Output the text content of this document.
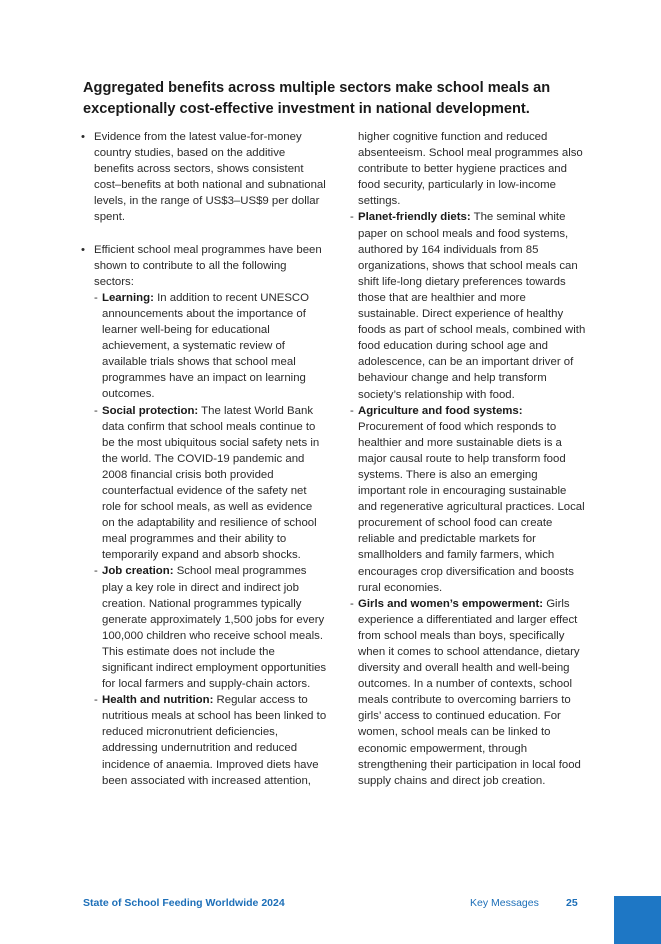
Aggregated benefits across multiple sectors make school meals an exceptionally cost-effective investment in national development.
• Evidence from the latest value-for-money country studies, based on the additive benefits across sectors, shows consistent cost–benefits at both national and subnational levels, in the range of US$3–US$9 per dollar spent.
• Efficient school meal programmes have been shown to contribute to all the following sectors:
- Learning: In addition to recent UNESCO announcements about the importance of learner well-being for educational achievement, a systematic review of available trials shows that school meal programmes have an impact on learning outcomes.
- Social protection: The latest World Bank data confirm that school meals continue to be the most ubiquitous social safety nets in the world. The COVID-19 pandemic and 2008 financial crisis both provided counterfactual evidence of the safety net role for school meals, as well as evidence on the adaptability and resilience of school meal programmes and their ability to temporarily expand and absorb shocks.
- Job creation: School meal programmes play a key role in direct and indirect job creation. National programmes typically generate approximately 1,500 jobs for every 100,000 children who receive school meals. This estimate does not include the significant indirect employment opportunities for local farmers and supply-chain actors.
- Health and nutrition: Regular access to nutritious meals at school has been linked to reduced micronutrient deficiencies, addressing undernutrition and reduced incidence of anaemia. Improved diets have been associated with increased attention,
higher cognitive function and reduced absenteeism. School meal programmes also contribute to better hygiene practices and food security, particularly in low-income settings.
- Planet-friendly diets: The seminal white paper on school meals and food systems, authored by 164 individuals from 85 organizations, shows that school meals can shift life-long dietary preferences towards those that are healthier and more sustainable. Direct experience of healthy foods as part of school meals, combined with food education during school age and adolescence, can be an important driver of behaviour change and help transform society’s relationship with food.
- Agriculture and food systems: Procurement of food which responds to healthier and more sustainable diets is a major causal route to help transform food systems. There is also an emerging important role in encouraging sustainable and regenerative agricultural practices. Local procurement of school food can create reliable and predictable markets for smallholders and family farmers, which encourages crop diversification and boosts rural economies.
- Girls and women’s empowerment: Girls experience a differentiated and larger effect from school meals than boys, specifically when it comes to school attendance, dietary diversity and overall health and well-being outcomes. In a number of contexts, school meals contribute to overcoming barriers to girls’ access to continued education. For women, school meals can be linked to economic empowerment, through strengthening their participation in local food supply chains and direct job creation.
State of School Feeding Worldwide 2024	Key Messages	25
